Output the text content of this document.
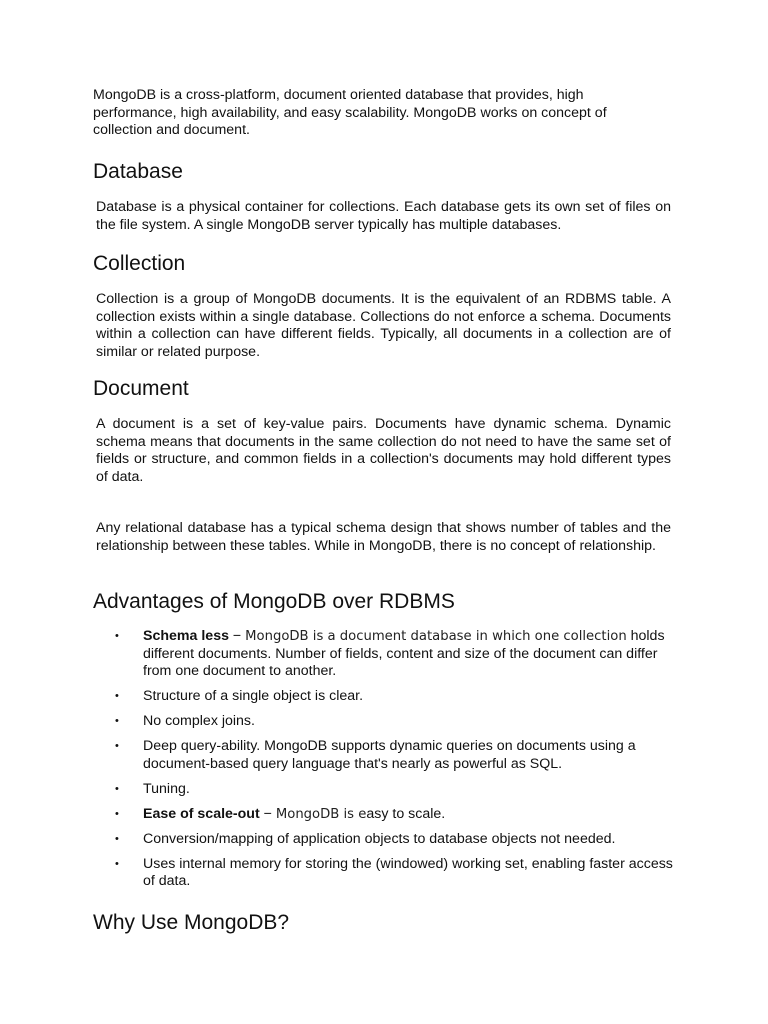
MongoDB is a cross-platform, document oriented database that provides, high performance, high availability, and easy scalability. MongoDB works on concept of collection and document.

Database

Database is a physical container for collections. Each database gets its own set of files on the file system. A single MongoDB server typically has multiple databases.

Collection

Collection is a group of MongoDB documents. It is the equivalent of an RDBMS table. A collection exists within a single database. Collections do not enforce a schema. Documents within a collection can have different fields. Typically, all documents in a collection are of similar or related purpose.

Document

A document is a set of key-value pairs. Documents have dynamic schema. Dynamic schema means that documents in the same collection do not need to have the same set of fields or structure, and common fields in a collection's documents may hold different types of data.

Any relational database has a typical schema design that shows number of tables and the relationship between these tables. While in MongoDB, there is no concept of relationship.

Advantages of MongoDB over RDBMS
• Schema less − MongoDB is a document database in which one collection holds different documents. Number of fields, content and size of the document can differ from one document to another.
• Structure of a single object is clear.
• No complex joins.
• Deep query-ability. MongoDB supports dynamic queries on documents using a document-based query language that's nearly as powerful as SQL.
• Tuning.
• Ease of scale-out − MongoDB is easy to scale.
• Conversion/mapping of application objects to database objects not needed.
• Uses internal memory for storing the (windowed) working set, enabling faster access of data.
Why Use MongoDB?
